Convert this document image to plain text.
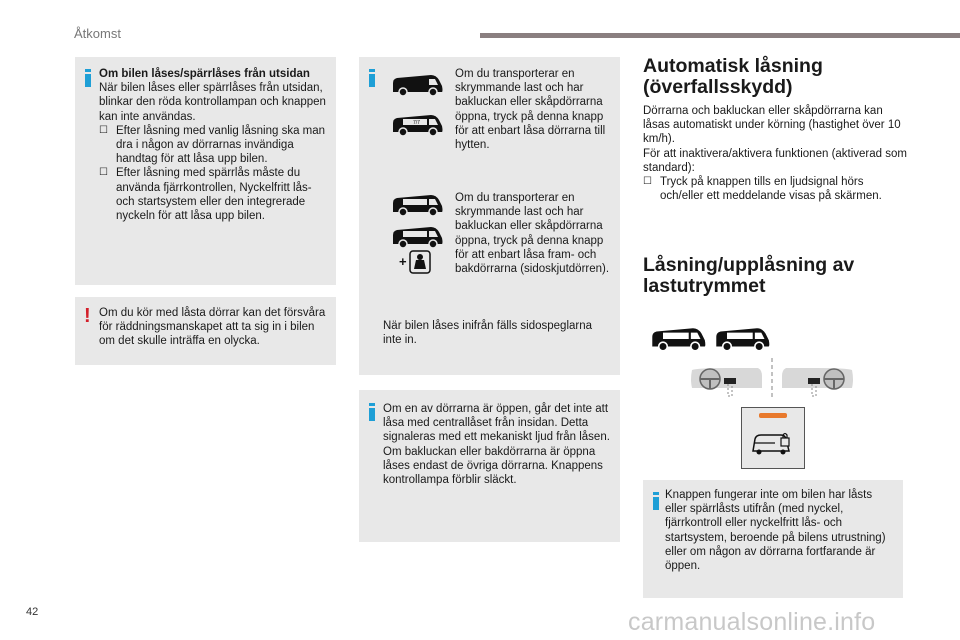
Åtkomst

Om bilen låses/spärrlåses från utsidan

När bilen låses eller spärrlåses från utsidan, blinkar den röda kontrollampan och knappen kan inte användas.

☐ Efter låsning med vanlig låsning ska man dra i någon av dörrarnas invändiga handtag för att låsa upp bilen.
☐ Efter låsning med spärrlås måste du använda fjärrkontrollen, Nyckelfritt lås- och startsystem eller den integrerade nyckeln för att låsa upp bilen.
! Om du kör med låsta dörrar kan det försvåra för räddningsmanskapet att ta sig in i bilen om det skulle inträffa en olycka.

7/7

Om du transporterar en skrymmande last och har bakluckan eller skåpdörrarna öppna, tryck på denna knapp för att enbart låsa dörrarna till hytten.

+

Om du transporterar en skrymmande last och har bakluckan eller skåpdörrarna öppna, tryck på denna knapp för att enbart låsa fram- och bakdörrarna (sidoskjutdörren).

När bilen låses inifrån fälls sidospeglarna inte in.

Om en av dörrarna är öppen, går det inte att låsa med centrallåset från insidan. Detta signaleras med ett mekaniskt ljud från låsen. Om bakluckan eller bakdörrarna är öppna låses endast de övriga dörrarna. Knappens kontrollampa förblir släckt.

Automatisk låsning (överfallsskydd)

Dörrarna och bakluckan eller skåpdörrarna kan låsas automatiskt under körning (hastighet över 10 km/h).

För att inaktivera/aktivera funktionen (aktiverad som standard):

☐ Tryck på knappen tills en ljudsignal hörs och/eller ett meddelande visas på skärmen.
Låsning/upplåsning av lastutrymmet

Knappen fungerar inte om bilen har låsts eller spärrlåsts utifrån (med nyckel, fjärrkontroll eller nyckelfritt lås- och startsystem, beroende på bilens utrustning) eller om någon av dörrarna fortfarande är öppen.

42	carmanualsonline.info
